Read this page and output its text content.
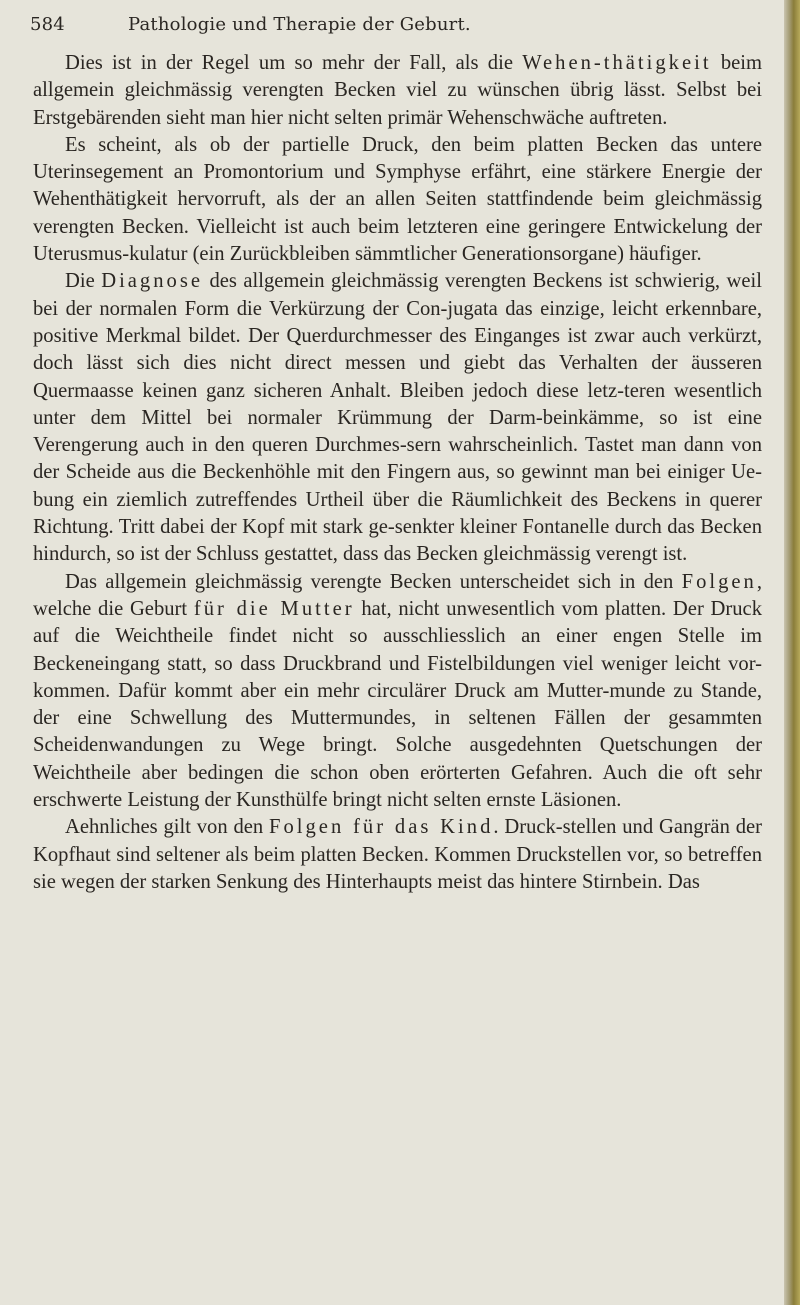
584	Pathologie und Therapie der Geburt.

Dies ist in der Regel um so mehr der Fall, als die Wehen-thätigkeit beim allgemein gleichmässig verengten Becken viel zu wünschen übrig lässt. Selbst bei Erstgebärenden sieht man hier nicht selten primär Wehenschwäche auftreten.

Es scheint, als ob der partielle Druck, den beim platten Becken das untere Uterinsegement an Promontorium und Symphyse erfährt, eine stärkere Energie der Wehenthätigkeit hervorruft, als der an allen Seiten stattfindende beim gleichmässig verengten Becken. Vielleicht ist auch beim letzteren eine geringere Entwickelung der Uterusmus-kulatur (ein Zurückbleiben sämmtlicher Generationsorgane) häufiger.

Die Diagnose des allgemein gleichmässig verengten Beckens ist schwierig, weil bei der normalen Form die Verkürzung der Con-jugata das einzige, leicht erkennbare, positive Merkmal bildet. Der Querdurchmesser des Einganges ist zwar auch verkürzt, doch lässt sich dies nicht direct messen und giebt das Verhalten der äusseren Quermaasse keinen ganz sicheren Anhalt. Bleiben jedoch diese letz-teren wesentlich unter dem Mittel bei normaler Krümmung der Darm-beinkämme, so ist eine Verengerung auch in den queren Durchmes-sern wahrscheinlich. Tastet man dann von der Scheide aus die Beckenhöhle mit den Fingern aus, so gewinnt man bei einiger Ue-bung ein ziemlich zutreffendes Urtheil über die Räumlichkeit des Beckens in querer Richtung. Tritt dabei der Kopf mit stark ge-senkter kleiner Fontanelle durch das Becken hindurch, so ist der Schluss gestattet, dass das Becken gleichmässig verengt ist.

Das allgemein gleichmässig verengte Becken unterscheidet sich in den Folgen, welche die Geburt für die Mutter hat, nicht unwesentlich vom platten. Der Druck auf die Weichtheile findet nicht so ausschliesslich an einer engen Stelle im Beckeneingang statt, so dass Druckbrand und Fistelbildungen viel weniger leicht vor-kommen. Dafür kommt aber ein mehr circulärer Druck am Mutter-munde zu Stande, der eine Schwellung des Muttermundes, in seltenen Fällen der gesammten Scheidenwandungen zu Wege bringt. Solche ausgedehnten Quetschungen der Weichtheile aber bedingen die schon oben erörterten Gefahren. Auch die oft sehr erschwerte Leistung der Kunsthülfe bringt nicht selten ernste Läsionen.

Aehnliches gilt von den Folgen für das Kind. Druck-stellen und Gangrän der Kopfhaut sind seltener als beim platten Becken. Kommen Druckstellen vor, so betreffen sie wegen der starken Senkung des Hinterhaupts meist das hintere Stirnbein. Das
